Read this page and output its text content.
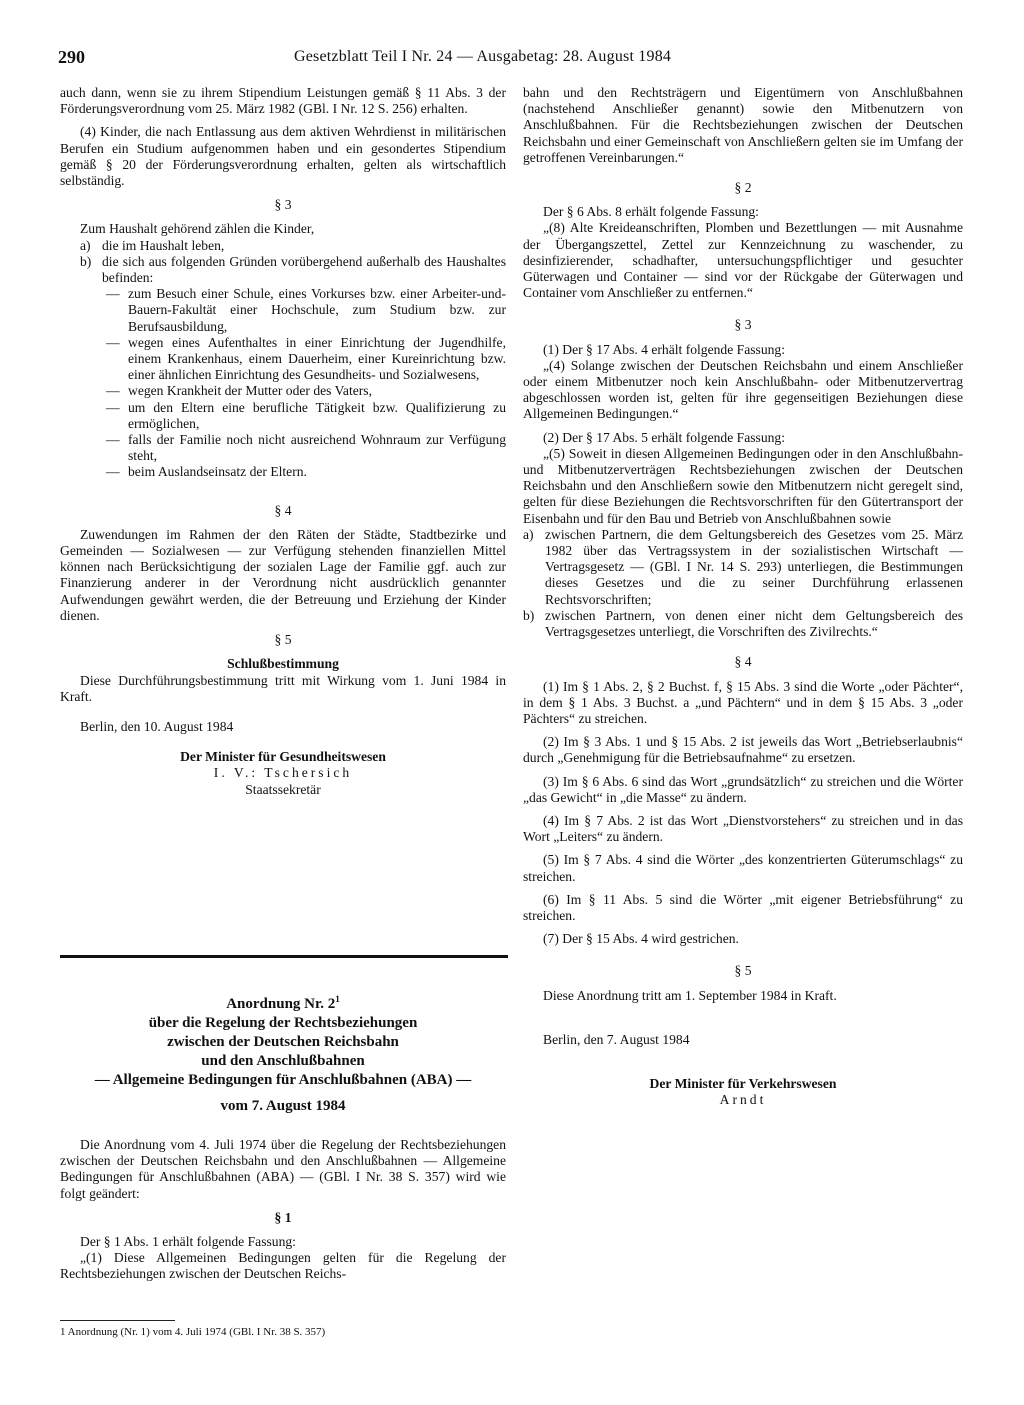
290	Gesetzblatt Teil I Nr. 24 — Ausgabetag: 28. August 1984

auch dann, wenn sie zu ihrem Stipendium Leistungen gemäß § 11 Abs. 3 der Förderungsverordnung vom 25. März 1982 (GBl. I Nr. 12 S. 256) erhalten.

(4) Kinder, die nach Entlassung aus dem aktiven Wehrdienst in militärischen Berufen ein Studium aufgenommen haben und ein gesondertes Stipendium gemäß § 20 der Förderungsverordnung erhalten, gelten als wirtschaftlich selbständig.

§ 3

Zum Haushalt gehörend zählen die Kinder,

a) die im Haushalt leben,
b) die sich aus folgenden Gründen vorübergehend außerhalb des Haushaltes befinden:
— zum Besuch einer Schule, eines Vorkurses bzw. einer Arbeiter-und-Bauern-Fakultät einer Hochschule, zum Studium bzw. zur Berufsausbildung,
— wegen eines Aufenthaltes in einer Einrichtung der Jugendhilfe, einem Krankenhaus, einem Dauerheim, einer Kureinrichtung bzw. einer ähnlichen Einrichtung des Gesundheits- und Sozialwesens,
— wegen Krankheit der Mutter oder des Vaters,
— um den Eltern eine berufliche Tätigkeit bzw. Qualifizierung zu ermöglichen,
— falls der Familie noch nicht ausreichend Wohnraum zur Verfügung steht,
— beim Auslandseinsatz der Eltern.
§ 4

Zuwendungen im Rahmen der den Räten der Städte, Stadtbezirke und Gemeinden — Sozialwesen — zur Verfügung stehenden finanziellen Mittel können nach Berücksichtigung der sozialen Lage der Familie ggf. auch zur Finanzierung anderer in der Verordnung nicht ausdrücklich genannter Aufwendungen gewährt werden, die der Betreuung und Erziehung der Kinder dienen.

§ 5
Schlußbestimmung

Diese Durchführungsbestimmung tritt mit Wirkung vom 1. Juni 1984 in Kraft.

Berlin, den 10. August 1984

Der Minister für Gesundheitswesen
I. V.: Tschersich
Staatssekretär
Anordnung Nr. $2^1$
über die Regelung der Rechtsbeziehungen
zwischen der Deutschen Reichsbahn
und den Anschlußbahnen
— Allgemeine Bedingungen für Anschlußbahnen (ABA) —
vom 7. August 1984

Die Anordnung vom 4. Juli 1974 über die Regelung der Rechtsbeziehungen zwischen der Deutschen Reichsbahn und den Anschlußbahnen — Allgemeine Bedingungen für Anschlußbahnen (ABA) — (GBl. I Nr. 38 S. 357) wird wie folgt geändert:

§ 1

Der § 1 Abs. 1 erhält folgende Fassung:

„(1) Diese Allgemeinen Bedingungen gelten für die Regelung der Rechtsbeziehungen zwischen der Deutschen Reichs-

1 Anordnung (Nr. 1) vom 4. Juli 1974 (GBl. I Nr. 38 S. 357)

bahn und den Rechtsträgern und Eigentümern von Anschlußbahnen (nachstehend Anschließer genannt) sowie den Mitbenutzern von Anschlußbahnen. Für die Rechtsbeziehungen zwischen der Deutschen Reichsbahn und einer Gemeinschaft von Anschließern gelten sie im Umfang der getroffenen Vereinbarungen.“

§ 2

Der § 6 Abs. 8 erhält folgende Fassung:

„(8) Alte Kreideanschriften, Plomben und Bezettlungen — mit Ausnahme der Übergangszettel, Zettel zur Kennzeichnung zu waschender, zu desinfizierender, schadhafter, untersuchungspflichtiger und gesuchter Güterwagen und Container — sind vor der Rückgabe der Güterwagen und Container vom Anschließer zu entfernen.“

§ 3

(1) Der § 17 Abs. 4 erhält folgende Fassung:

„(4) Solange zwischen der Deutschen Reichsbahn und einem Anschließer oder einem Mitbenutzer noch kein Anschlußbahn- oder Mitbenutzervertrag abgeschlossen worden ist, gelten für ihre gegenseitigen Beziehungen diese Allgemeinen Bedingungen.“

(2) Der § 17 Abs. 5 erhält folgende Fassung:

„(5) Soweit in diesen Allgemeinen Bedingungen oder in den Anschlußbahn- und Mitbenutzerverträgen Rechtsbeziehungen zwischen der Deutschen Reichsbahn und den Anschließern sowie den Mitbenutzern nicht geregelt sind, gelten für diese Beziehungen die Rechtsvorschriften für den Gütertransport der Eisenbahn und für den Bau und Betrieb von Anschlußbahnen sowie

a) zwischen Partnern, die dem Geltungsbereich des Gesetzes vom 25. März 1982 über das Vertragssystem in der sozialistischen Wirtschaft — Vertragsgesetz — (GBl. I Nr. 14 S. 293) unterliegen, die Bestimmungen dieses Gesetzes und die zu seiner Durchführung erlassenen Rechtsvorschriften;
b) zwischen Partnern, von denen einer nicht dem Geltungsbereich des Vertragsgesetzes unterliegt, die Vorschriften des Zivilrechts.“
§ 4

(1) Im § 1 Abs. 2, § 2 Buchst. f, § 15 Abs. 3 sind die Worte „oder Pächter“, in dem § 1 Abs. 3 Buchst. a „und Pächtern“ und in dem § 15 Abs. 3 „oder Pächters“ zu streichen.

(2) Im § 3 Abs. 1 und § 15 Abs. 2 ist jeweils das Wort „Betriebserlaubnis“ durch „Genehmigung für die Betriebsaufnahme“ zu ersetzen.

(3) Im § 6 Abs. 6 sind das Wort „grundsätzlich“ zu streichen und die Wörter „das Gewicht“ in „die Masse“ zu ändern.

(4) Im § 7 Abs. 2 ist das Wort „Dienstvorstehers“ zu streichen und in das Wort „Leiters“ zu ändern.

(5) Im § 7 Abs. 4 sind die Wörter „des konzentrierten Güterumschlags“ zu streichen.

(6) Im § 11 Abs. 5 sind die Wörter „mit eigener Betriebsführung“ zu streichen.

(7) Der § 15 Abs. 4 wird gestrichen.

§ 5

Diese Anordnung tritt am 1. September 1984 in Kraft.

Berlin, den 7. August 1984

Der Minister für Verkehrswesen
Arndt
